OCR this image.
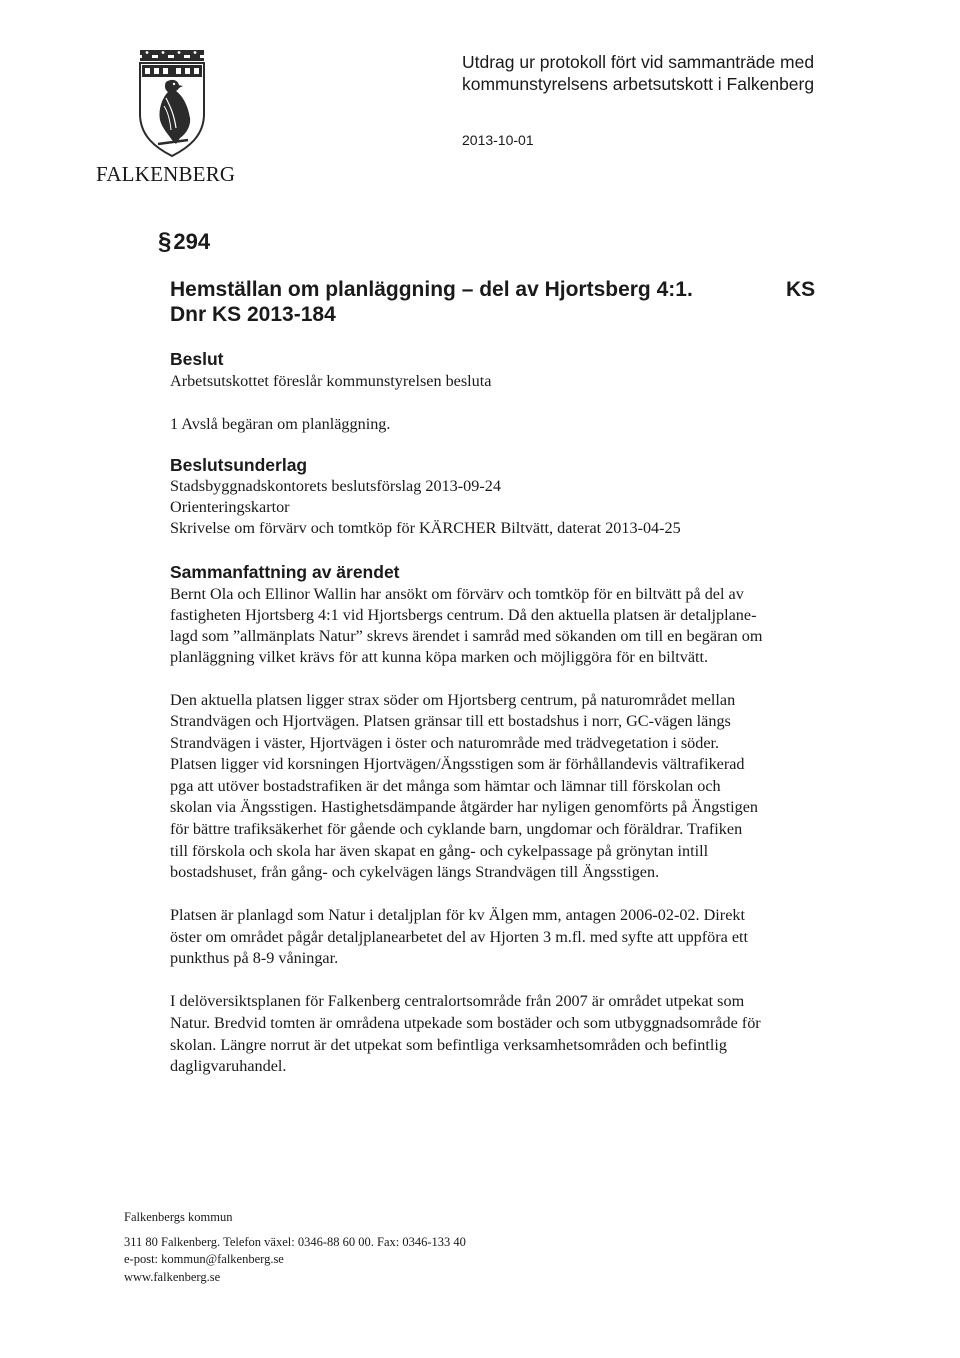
FALKENBERG
Utdrag ur protokoll fört vid sammanträde med
kommunstyrelsens arbetsutskott i Falkenberg
2013-10-01
§294
Hemställan om planläggning – del av Hjortsberg 4:1.
Dnr KS 2013-184
KS
Beslut
Arbetsutskottet föreslår kommunstyrelsen besluta
1 Avslå begäran om planläggning.
Beslutsunderlag
Stadsbyggnadskontorets beslutsförslag 2013-09-24
Orienteringskartor
Skrivelse om förvärv och tomtköp för KÄRCHER Biltvätt, daterat 2013-04-25
Sammanfattning av ärendet
Bernt Ola och Ellinor Wallin har ansökt om förvärv och tomtköp för en biltvätt på del av
fastigheten Hjortsberg 4:1 vid Hjortsbergs centrum. Då den aktuella platsen är detaljplane-
lagd som ”allmänplats Natur” skrevs ärendet i samråd med sökanden om till en begäran om
planläggning vilket krävs för att kunna köpa marken och möjliggöra för en biltvätt.
Den aktuella platsen ligger strax söder om Hjortsberg centrum, på naturområdet mellan
Strandvägen och Hjortvägen. Platsen gränsar till ett bostadshus i norr, GC-vägen längs
Strandvägen i väster, Hjortvägen i öster och naturområde med trädvegetation i söder.
Platsen ligger vid korsningen Hjortvägen/Ängsstigen som är förhållandevis vältrafikerad
pga att utöver bostadstrafiken är det många som hämtar och lämnar till förskolan och
skolan via Ängsstigen. Hastighetsdämpande åtgärder har nyligen genomförts på Ängstigen
för bättre trafiksäkerhet för gående och cyklande barn, ungdomar och föräldrar. Trafiken
till förskola och skola har även skapat en gång- och cykelpassage på grönytan intill
bostadshuset, från gång- och cykelvägen längs Strandvägen till Ängsstigen.
Platsen är planlagd som Natur i detaljplan för kv Älgen mm, antagen 2006-02-02. Direkt
öster om området pågår detaljplanearbetet del av Hjorten 3 m.fl. med syfte att uppföra ett
punkthus på 8-9 våningar.
I delöversiktsplanen för Falkenberg centralortsområde från 2007 är området utpekat som
Natur. Bredvid tomten är områdena utpekade som bostäder och som utbyggnadsområde för
skolan. Längre norrut är det utpekat som befintliga verksamhetsområden och befintlig
dagligvaruhandel.
Falkenbergs kommun
311 80 Falkenberg. Telefon växel: 0346-88 60 00. Fax: 0346-133 40
e-post: kommun@falkenberg.se
www.falkenberg.se
